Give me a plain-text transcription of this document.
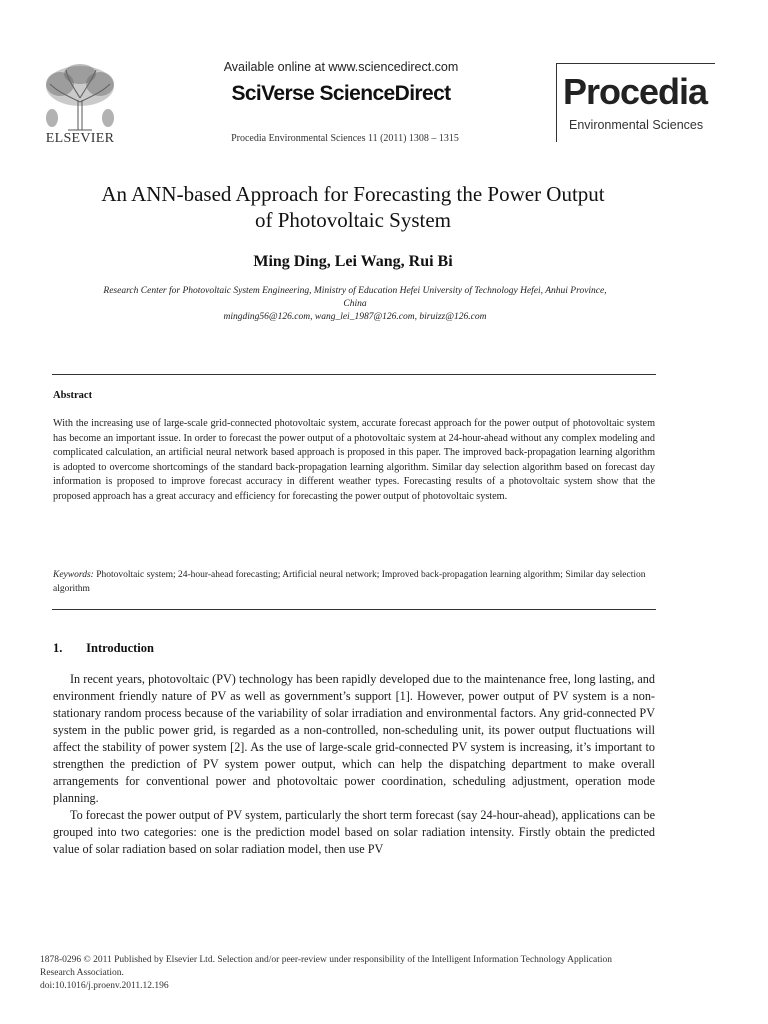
ELSEVIER
Available online at www.sciencedirect.com
SciVerse ScienceDirect
Procedia Environmental Sciences 11 (2011) 1308 – 1315
Procedia
Environmental Sciences
An ANN-based Approach for Forecasting the Power Output
of Photovoltaic System
Ming Ding, Lei Wang, Rui Bi
Research Center for Photovoltaic System Engineering, Ministry of Education Hefei University of Technology Hefei, Anhui Province,
China
mingding56@126.com, wang_lei_1987@126.com, biruizz@126.com
Abstract
With the increasing use of large-scale grid-connected photovoltaic system, accurate forecast approach for the power output of photovoltaic system has become an important issue. In order to forecast the power output of a photovoltaic system at 24-hour-ahead without any complex modeling and complicated calculation, an artificial neural network based approach is proposed in this paper. The improved back-propagation learning algorithm is adopted to overcome shortcomings of the standard back-propagation learning algorithm. Similar day selection algorithm based on forecast day information is proposed to improve forecast accuracy in different weather types. Forecasting results of a photovoltaic system show that the proposed approach has a great accuracy and efficiency for forecasting the power output of photovoltaic system.
Keywords: Photovoltaic system; 24-hour-ahead forecasting; Artificial neural network; Improved back-propagation learning algorithm; Similar day selection algorithm
1. Introduction

In recent years, photovoltaic (PV) technology has been rapidly developed due to the maintenance free, long lasting, and environment friendly nature of PV as well as government’s support [1]. However, power output of PV system is a non-stationary random process because of the variability of solar irradiation and environmental factors. Any grid-connected PV system in the public power grid, is regarded as a non-controlled, non-scheduling unit, its power output fluctuations will affect the stability of power system [2]. As the use of large-scale grid-connected PV system is increasing, it’s important to strengthen the prediction of PV system power output, which can help the dispatching department to make overall arrangements for conventional power and photovoltaic power coordination, scheduling adjustment, operation mode planning.

To forecast the power output of PV system, particularly the short term forecast (say 24-hour-ahead), applications can be grouped into two categories: one is the prediction model based on solar radiation intensity. Firstly obtain the predicted value of solar radiation based on solar radiation model, then use PV

1878-0296 © 2011 Published by Elsevier Ltd. Selection and/or peer-review under responsibility of the Intelligent Information Technology Application
Research Association.
doi:10.1016/j.proenv.2011.12.196
